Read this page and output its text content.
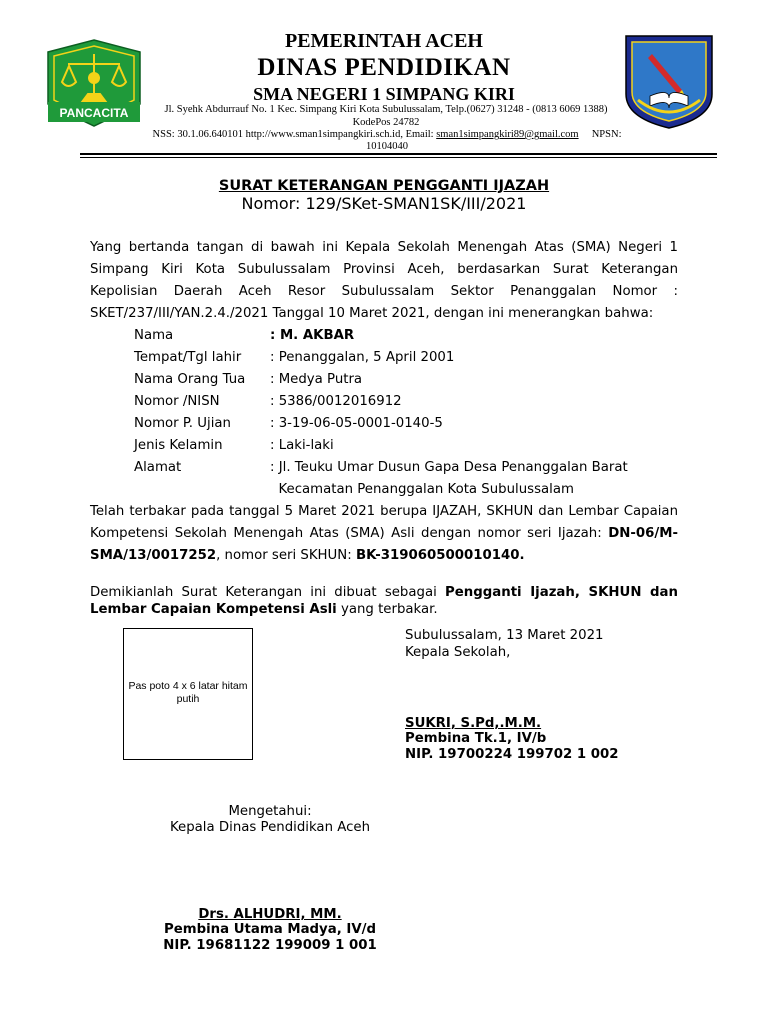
PANCACITA
PEMERINTAH ACEH
DINAS PENDIDIKAN
SMA NEGERI 1 SIMPANG KIRI
Jl. Syehk Abdurrauf No. 1 Kec. Simpang Kiri Kota Subulussalam, Telp.(0627) 31248 - (0813 6069 1388)
KodePos 24782
NSS: 30.1.06.640101 http://www.sman1simpangkiri.sch.id, Email: sman1simpangkiri89@gmail.com NPSN:
10104040
SURAT KETERANGAN PENGGANTI IJAZAH
Nomor: 129/SKet-SMAN1SK/III/2021
Yang bertanda tangan di bawah ini Kepala Sekolah Menengah Atas (SMA) Negeri 1
Simpang Kiri Kota Subulussalam Provinsi Aceh, berdasarkan Surat Keterangan
Kepolisian Daerah Aceh Resor Subulussalam Sektor Penanggalan Nomor :
SKET/237/III/YAN.2.4./2021 Tanggal 10 Maret 2021, dengan ini menerangkan bahwa:
Nama	: M. AKBAR
Tempat/Tgl lahir : Penanggalan, 5 April 2001
Nama Orang Tua : Medya Putra
Nomor /NISN	: 5386/0012016912
Nomor P. Ujian	: 3-19-06-05-0001-0140-5
Jenis Kelamin	: Laki-laki
Alamat	: Jl. Teuku Umar Dusun Gapa Desa Penanggalan Barat
Kecamatan Penanggalan Kota Subulussalam
Telah terbakar pada tanggal 5 Maret 2021 berupa IJAZAH, SKHUN dan Lembar Capaian
Kompetensi Sekolah Menengah Atas (SMA) Asli dengan nomor seri Ijazah: DN-06/M-
SMA/13/0017252, nomor seri SKHUN: BK-319060500010140.
Demikianlah Surat Keterangan ini dibuat sebagai Pengganti Ijazah, SKHUN dan
Lembar Capaian Kompetensi Asli yang terbakar.
Pas poto 4 x 6 latar hitam putih
Subulussalam, 13 Maret 2021
Kepala Sekolah,
SUKRI, S.Pd,.M.M.
Pembina Tk.1, IV/b
NIP. 19700224 199702 1 002
Mengetahui:
Kepala Dinas Pendidikan Aceh
Drs. ALHUDRI, MM.
Pembina Utama Madya, IV/d
NIP. 19681122 199009 1 001
